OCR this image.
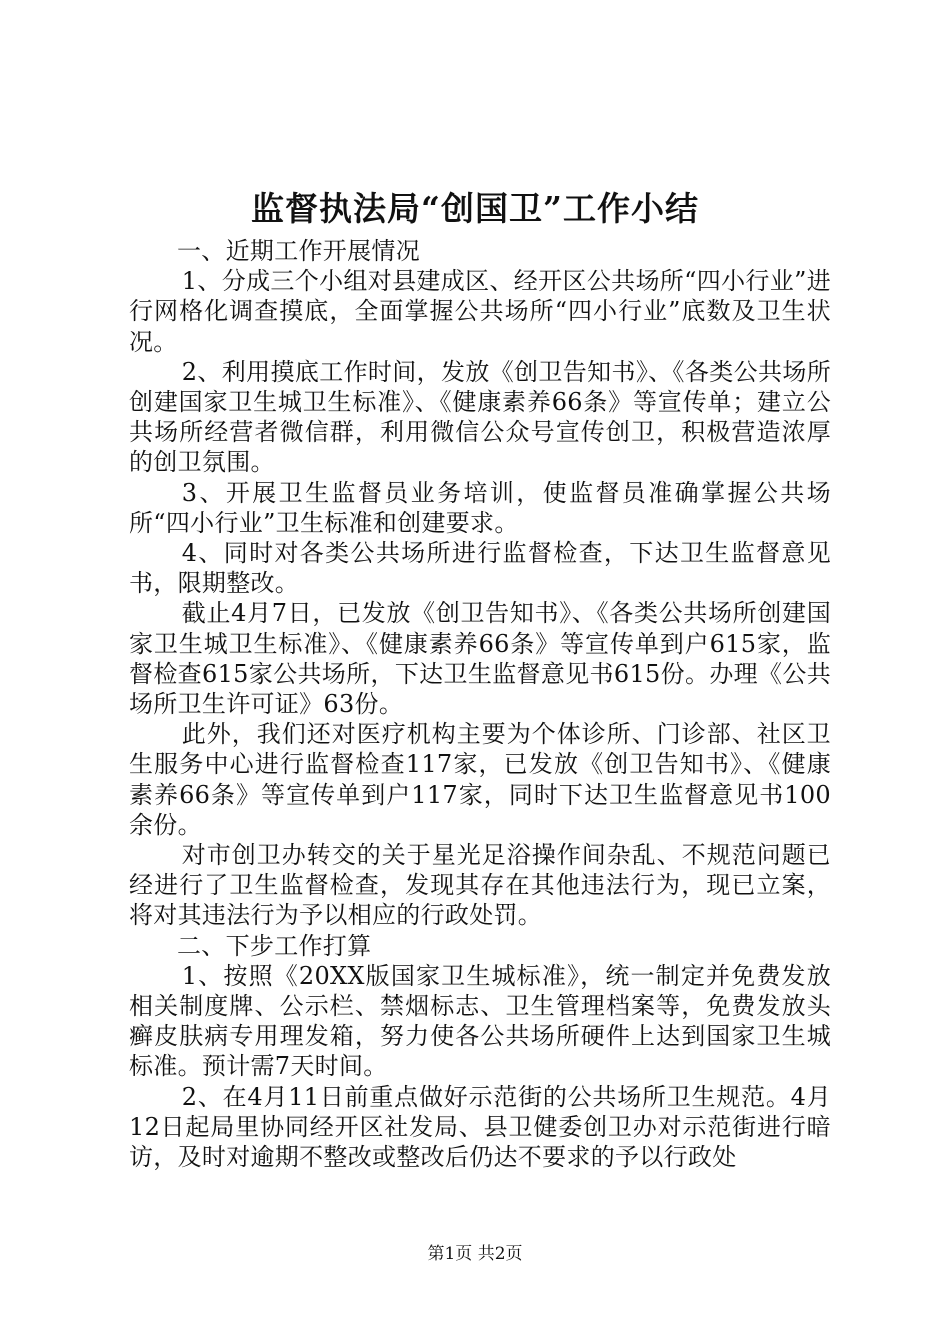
监督执法局“创国卫”工作小结

一、近期工作开展情况

1、分成三个小组对县建成区、经开区公共场所“四小行业”进行网格化调查摸底，全面掌握公共场所“四小行业”底数及卫生状况。

2、利用摸底工作时间，发放《创卫告知书》、《各类公共场所创建国家卫生城卫生标准》、《健康素养66条》等宣传单；建立公共场所经营者微信群，利用微信公众号宣传创卫，积极营造浓厚的创卫氛围。

3、开展卫生监督员业务培训，使监督员准确掌握公共场所“四小行业”卫生标准和创建要求。

4、同时对各类公共场所进行监督检查，下达卫生监督意见书，限期整改。

截止4月7日，已发放《创卫告知书》、《各类公共场所创建国家卫生城卫生标准》、《健康素养66条》等宣传单到户615家，监督检查615家公共场所，下达卫生监督意见书615份。办理《公共场所卫生许可证》63份。

此外，我们还对医疗机构主要为个体诊所、门诊部、社区卫生服务中心进行监督检查117家，已发放《创卫告知书》、《健康素养66条》等宣传单到户117家，同时下达卫生监督意见书100余份。

对市创卫办转交的关于星光足浴操作间杂乱、不规范问题已经进行了卫生监督检查，发现其存在其他违法行为，现已立案，将对其违法行为予以相应的行政处罚。

二、下步工作打算

1、按照《20XX版国家卫生城标准》，统一制定并免费发放相关制度牌、公示栏、禁烟标志、卫生管理档案等，免费发放头癣皮肤病专用理发箱，努力使各公共场所硬件上达到国家卫生城标准。预计需7天时间。

2、在4月11日前重点做好示范街的公共场所卫生规范。4月12日起局里协同经开区社发局、县卫健委创卫办对示范街进行暗访，及时对逾期不整改或整改后仍达不要求的予以行政处

第1页 共2页
